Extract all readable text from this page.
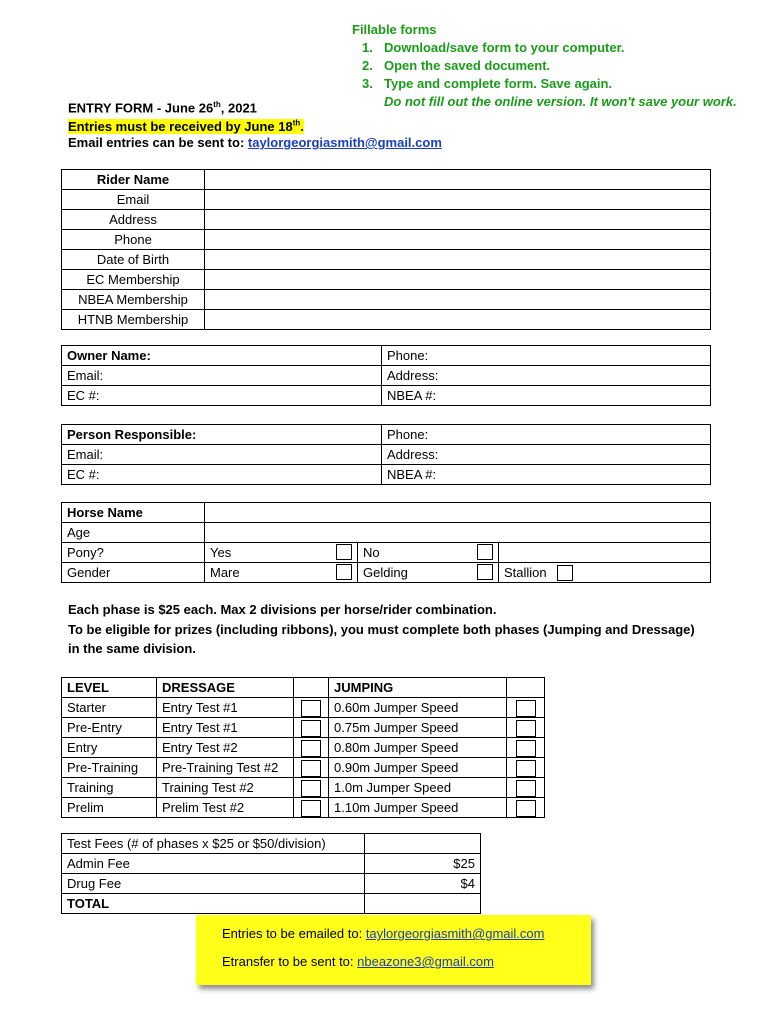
Fillable forms
1. Download/save form to your computer.
2. Open the saved document.
3. Type and complete form. Save again.
Do not fill out the online version. It won't save your work.
ENTRY FORM - June 26th, 2021
Entries must be received by June 18th.
Email entries can be sent to: taylorgeorgiasmith@gmail.com
Rider Name	
Email	
Address	
Phone	
Date of Birth	
EC Membership	
NBEA Membership	
HTNB Membership	
Owner Name:	Phone:
Email:	Address:
EC #:	NBEA #:
Person Responsible:	Phone:
Email:	Address:
EC #:	NBEA #:
Horse Name			
Age			
Pony?	Yes	No

Gender	Mare	Gelding	Stallion
Each phase is $25 each. Max 2 divisions per horse/rider combination.
To be eligible for prizes (including ribbons), you must complete both phases (Jumping and Dressage)
in the same division.
LEVEL	DRESSAGE		JUMPING	
Starter	Entry Test #1		0.60m Jumper Speed	
Pre-Entry	Entry Test #1		0.75m Jumper Speed	
Entry	Entry Test #2		0.80m Jumper Speed	
Pre-Training	Pre-Training Test #2		0.90m Jumper Speed	
Training	Training Test #2		1.0m Jumper Speed	
Prelim	Prelim Test #2		1.10m Jumper Speed	
Test Fees (# of phases x $25 or $50/division)	
Admin Fee	$25
Drug Fee	$4
TOTAL	
Entries to be emailed to: taylorgeorgiasmith@gmail.com
Etransfer to be sent to: nbeazone3@gmail.com
